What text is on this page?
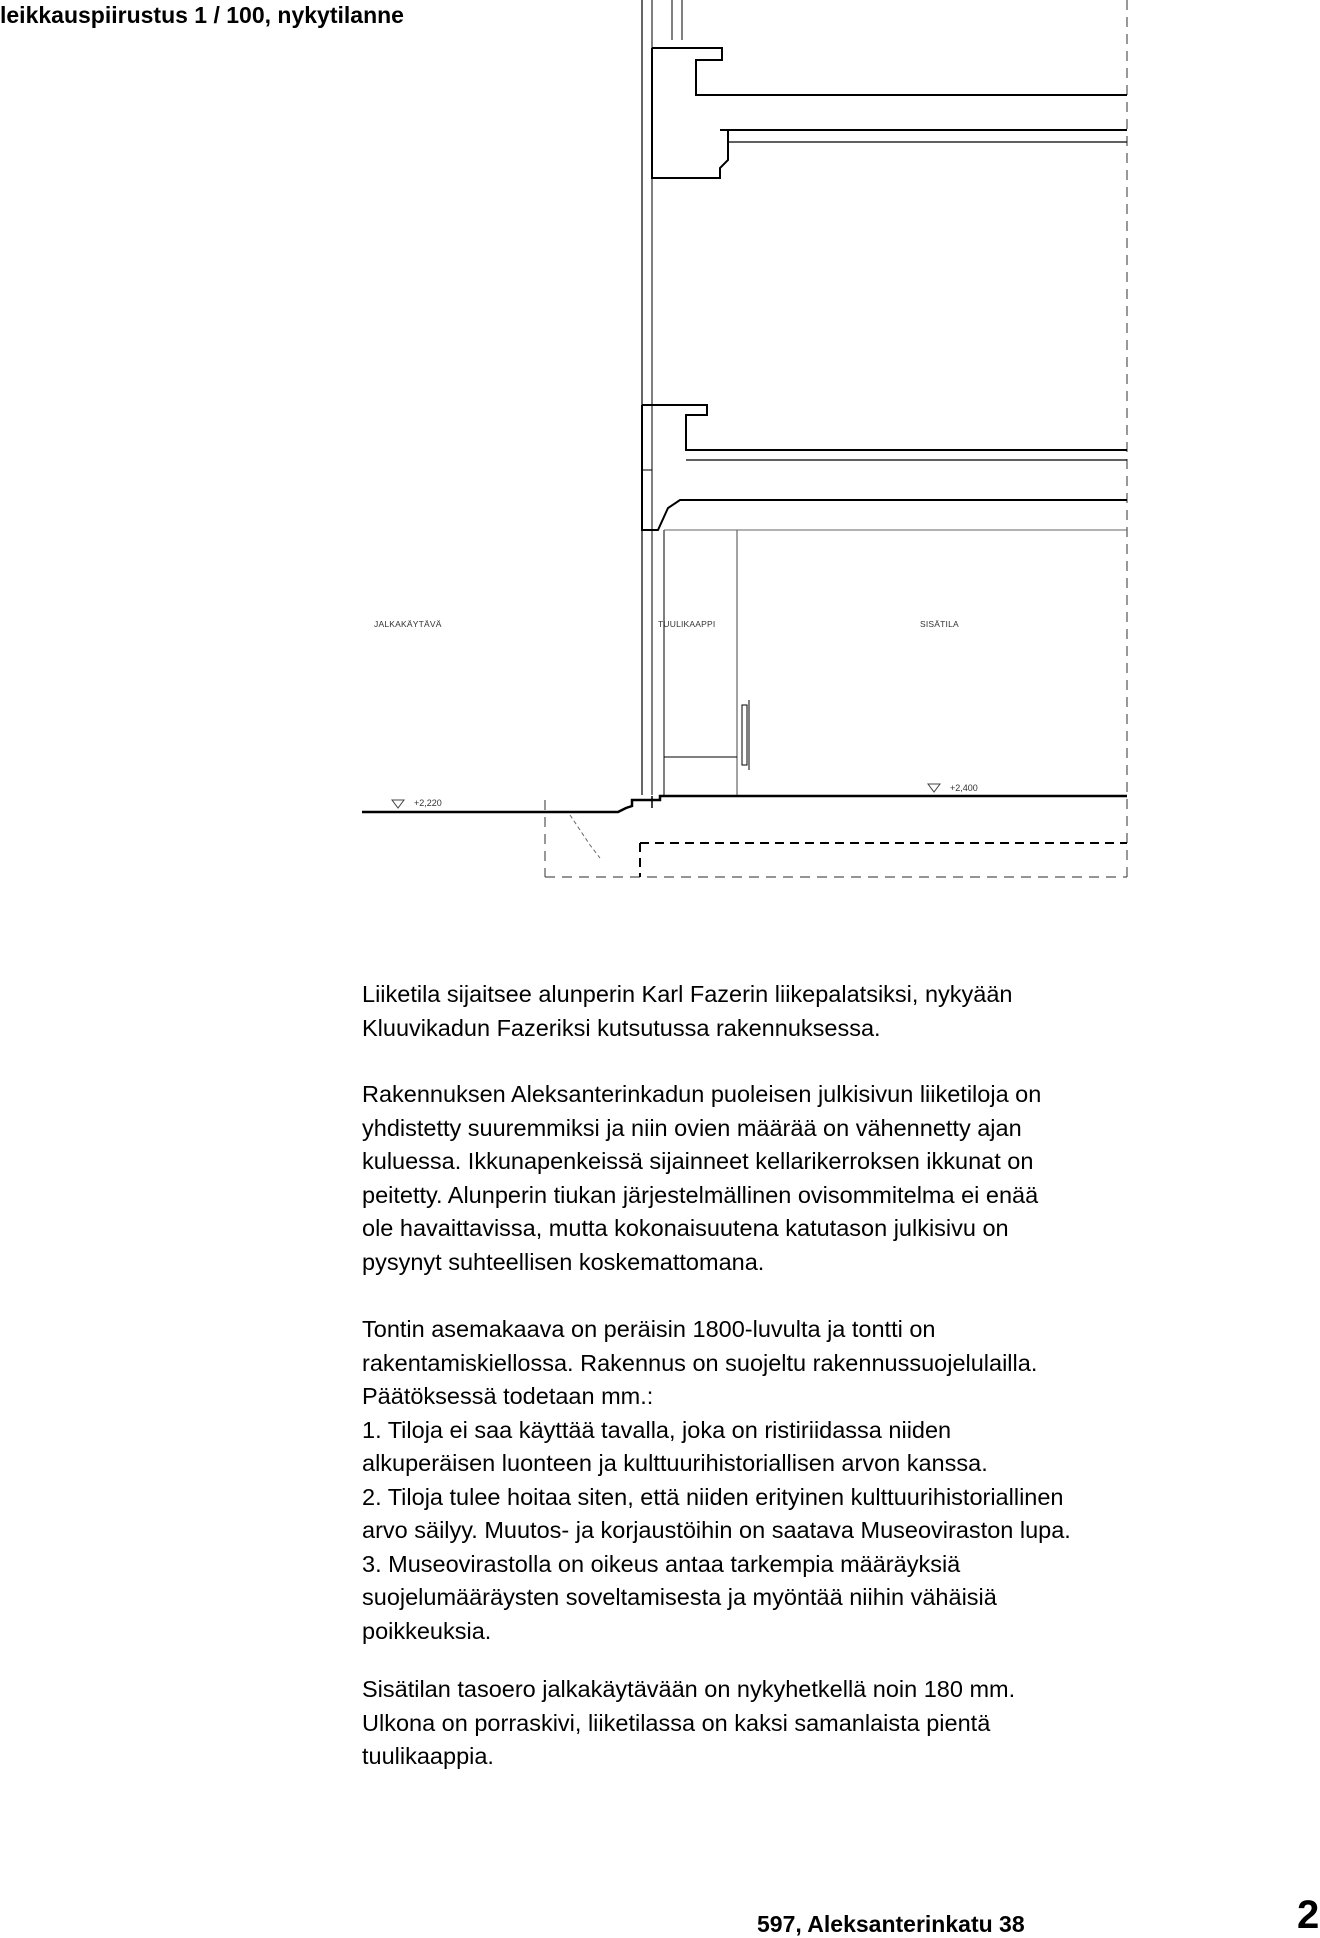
leikkauspiirustus 1 / 100, nykytilanne
JALKAKÄYTÄVÄ	TUULIKAAPPI	SISÄTILA
+2,220
+2,400

Liiketila sijaitsee alunperin Karl Fazerin liikepalatsiksi, nykyään

Kluuvikadun Fazeriksi kutsutussa rakennuksessa.

Rakennuksen Aleksanterinkadun puoleisen julkisivun liiketiloja on

yhdistetty suuremmiksi ja niin ovien määrää on vähennetty ajan

kuluessa. Ikkunapenkeissä sijainneet kellarikerroksen ikkunat on

peitetty. Alunperin tiukan järjestelmällinen ovisommitelma ei enää

ole havaittavissa, mutta kokonaisuutena katutason julkisivu on

pysynyt suhteellisen koskemattomana.

Tontin asemakaava on peräisin 1800-luvulta ja tontti on

rakentamiskiellossa. Rakennus on suojeltu rakennussuojelulailla.

Päätöksessä todetaan mm.:

1. Tiloja ei saa käyttää tavalla, joka on ristiriidassa niiden

alkuperäisen luonteen ja kulttuurihistoriallisen arvon kanssa.

2. Tiloja tulee hoitaa siten, että niiden erityinen kulttuurihistoriallinen

arvo säilyy. Muutos- ja korjaustöihin on saatava Museoviraston lupa.

3. Museovirastolla on oikeus antaa tarkempia määräyksiä

suojelumääräysten soveltamisesta ja myöntää niihin vähäisiä

poikkeuksia.

Sisätilan tasoero jalkakäytävään on nykyhetkellä noin 180 mm.

Ulkona on porraskivi, liiketilassa on kaksi samanlaista pientä

tuulikaappia.

597, Aleksanterinkatu 38	2
